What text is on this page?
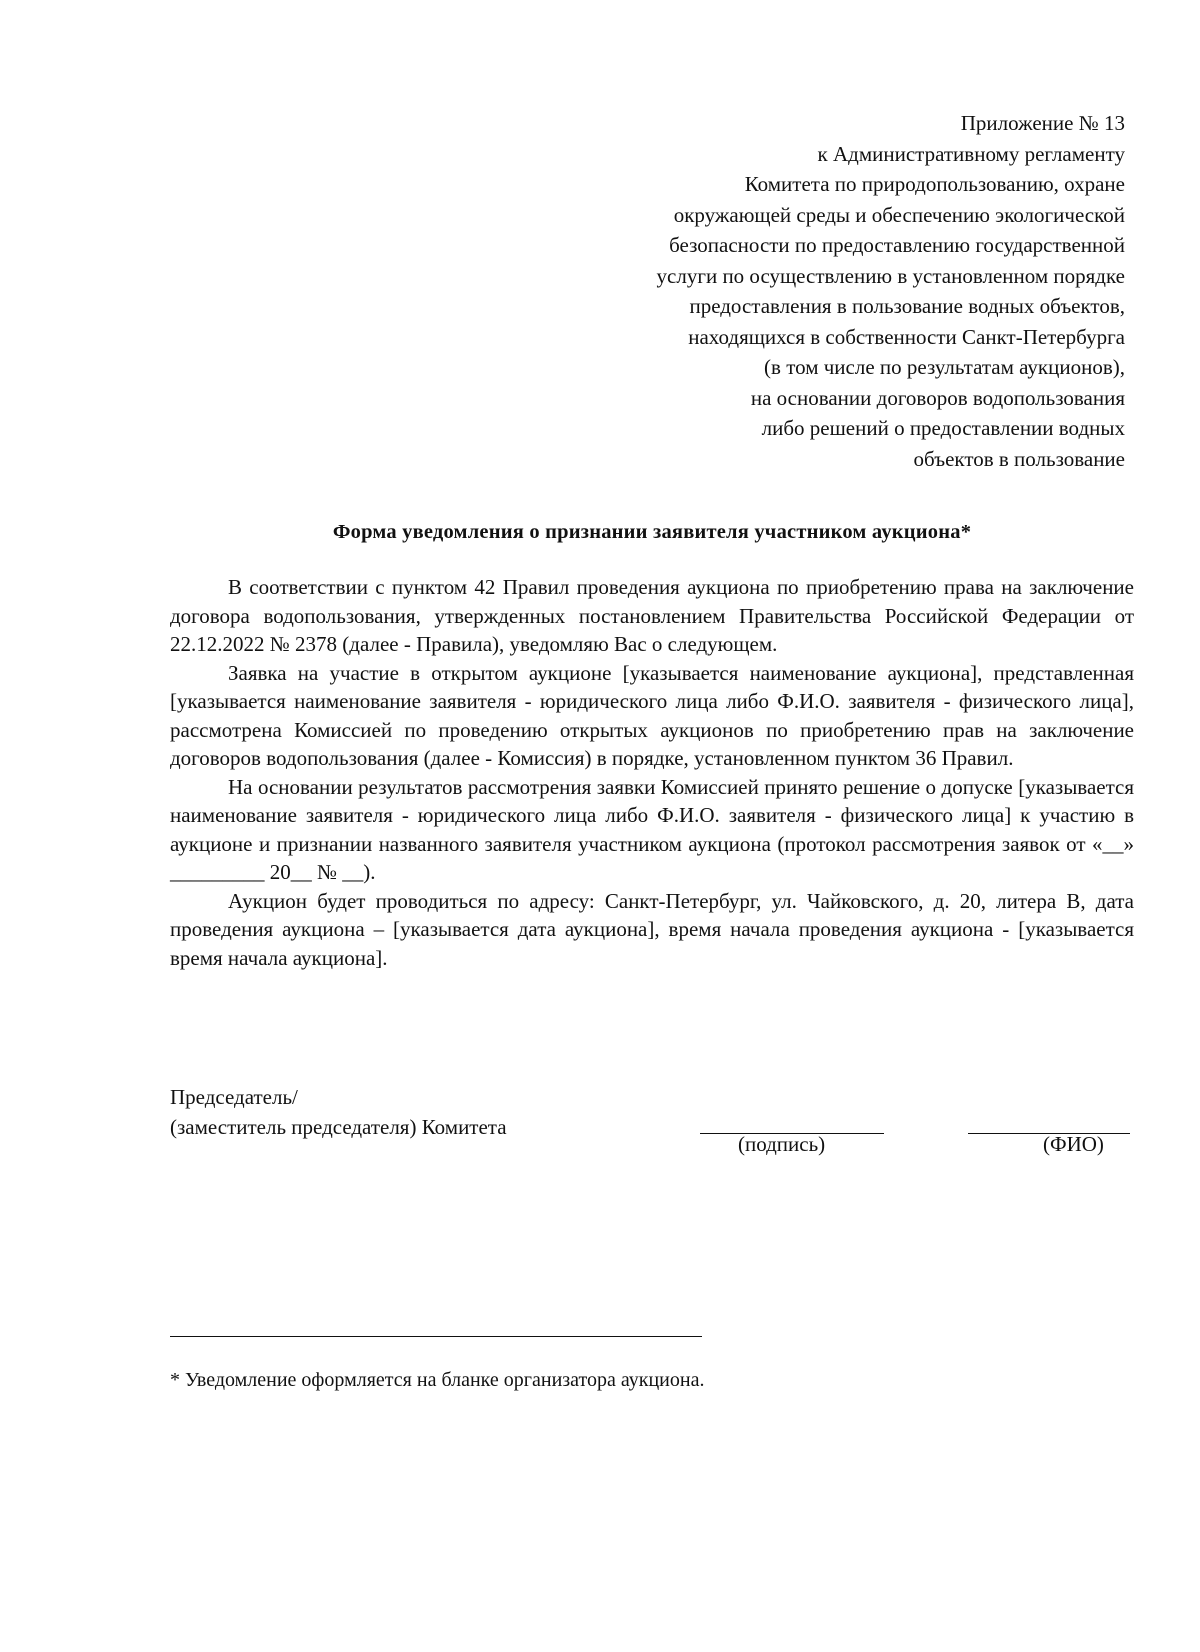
Приложение № 13
к Административному регламенту
Комитета по природопользованию, охране
окружающей среды и обеспечению экологической
безопасности по предоставлению государственной
услуги по осуществлению в установленном порядке
предоставления в пользование водных объектов,
находящихся в собственности Санкт-Петербурга
(в том числе по результатам аукционов),
на основании договоров водопользования
либо решений о предоставлении водных
объектов в пользование
Форма уведомления о признании заявителя участником аукциона*

В соответствии с пунктом 42 Правил проведения аукциона по приобретению права на заключение договора водопользования, утвержденных постановлением Правительства Российской Федерации от 22.12.2022 № 2378 (далее - Правила), уведомляю Вас о следующем.

Заявка на участие в открытом аукционе [указывается наименование аукциона], представленная [указывается наименование заявителя - юридического лица либо Ф.И.О. заявителя - физического лица], рассмотрена Комиссией по проведению открытых аукционов по приобретению прав на заключение договоров водопользования (далее - Комиссия) в порядке, установленном пунктом 36 Правил.

На основании результатов рассмотрения заявки Комиссией принято решение о допуске [указывается наименование заявителя - юридического лица либо Ф.И.О. заявителя - физического лица] к участию в аукционе и признании названного заявителя участником аукциона (протокол рассмотрения заявок от «__» _________ 20__ № __).

Аукцион будет проводиться по адресу: Санкт-Петербург, ул. Чайковского, д. 20, литера В, дата проведения аукциона – [указывается дата аукциона], время начала проведения аукциона - [указывается время начала аукциона].

Председатель/
(заместитель председателя) Комитета
(подпись)	(ФИО)
* Уведомление оформляется на бланке организатора аукциона.
